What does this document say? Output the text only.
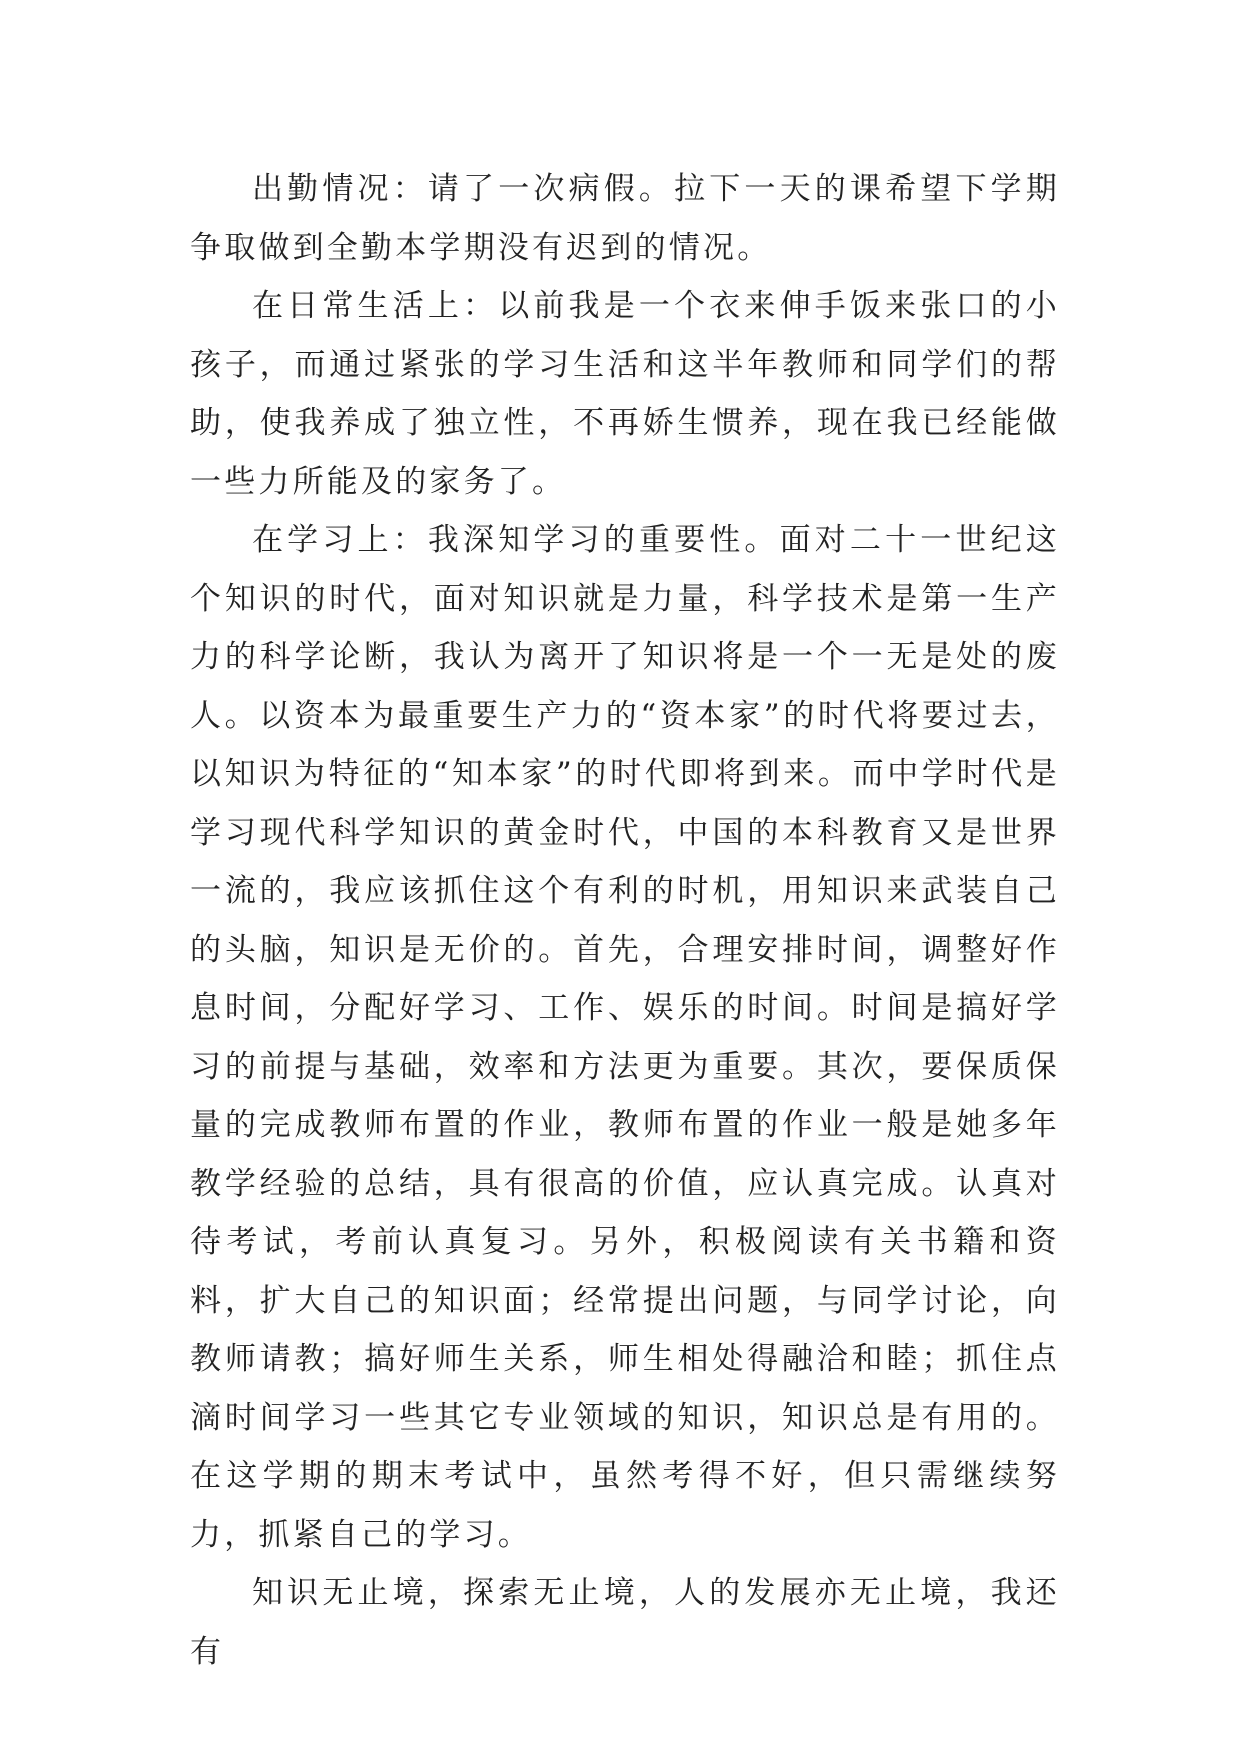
出勤情况：请了一次病假。拉下一天的课希望下学期争取做到全勤本学期没有迟到的情况。

在日常生活上：以前我是一个衣来伸手饭来张口的小孩子，而通过紧张的学习生活和这半年教师和同学们的帮助，使我养成了独立性，不再娇生惯养，现在我已经能做一些力所能及的家务了。

在学习上：我深知学习的重要性。面对二十一世纪这个知识的时代，面对知识就是力量，科学技术是第一生产力的科学论断，我认为离开了知识将是一个一无是处的废人。以资本为最重要生产力的“资本家”的时代将要过去，以知识为特征的“知本家”的时代即将到来。而中学时代是学习现代科学知识的黄金时代，中国的本科教育又是世界一流的，我应该抓住这个有利的时机，用知识来武装自己的头脑，知识是无价的。首先，合理安排时间，调整好作息时间，分配好学习、工作、娱乐的时间。时间是搞好学习的前提与基础，效率和方法更为重要。其次，要保质保量的完成教师布置的作业，教师布置的作业一般是她多年教学经验的总结，具有很高的价值，应认真完成。认真对待考试，考前认真复习。另外，积极阅读有关书籍和资料，扩大自己的知识面；经常提出问题，与同学讨论，向教师请教；搞好师生关系，师生相处得融洽和睦；抓住点滴时间学习一些其它专业领域的知识，知识总是有用的。在这学期的期末考试中，虽然考得不好，但只需继续努力，抓紧自己的学习。

知识无止境，探索无止境，人的发展亦无止境，我还有
